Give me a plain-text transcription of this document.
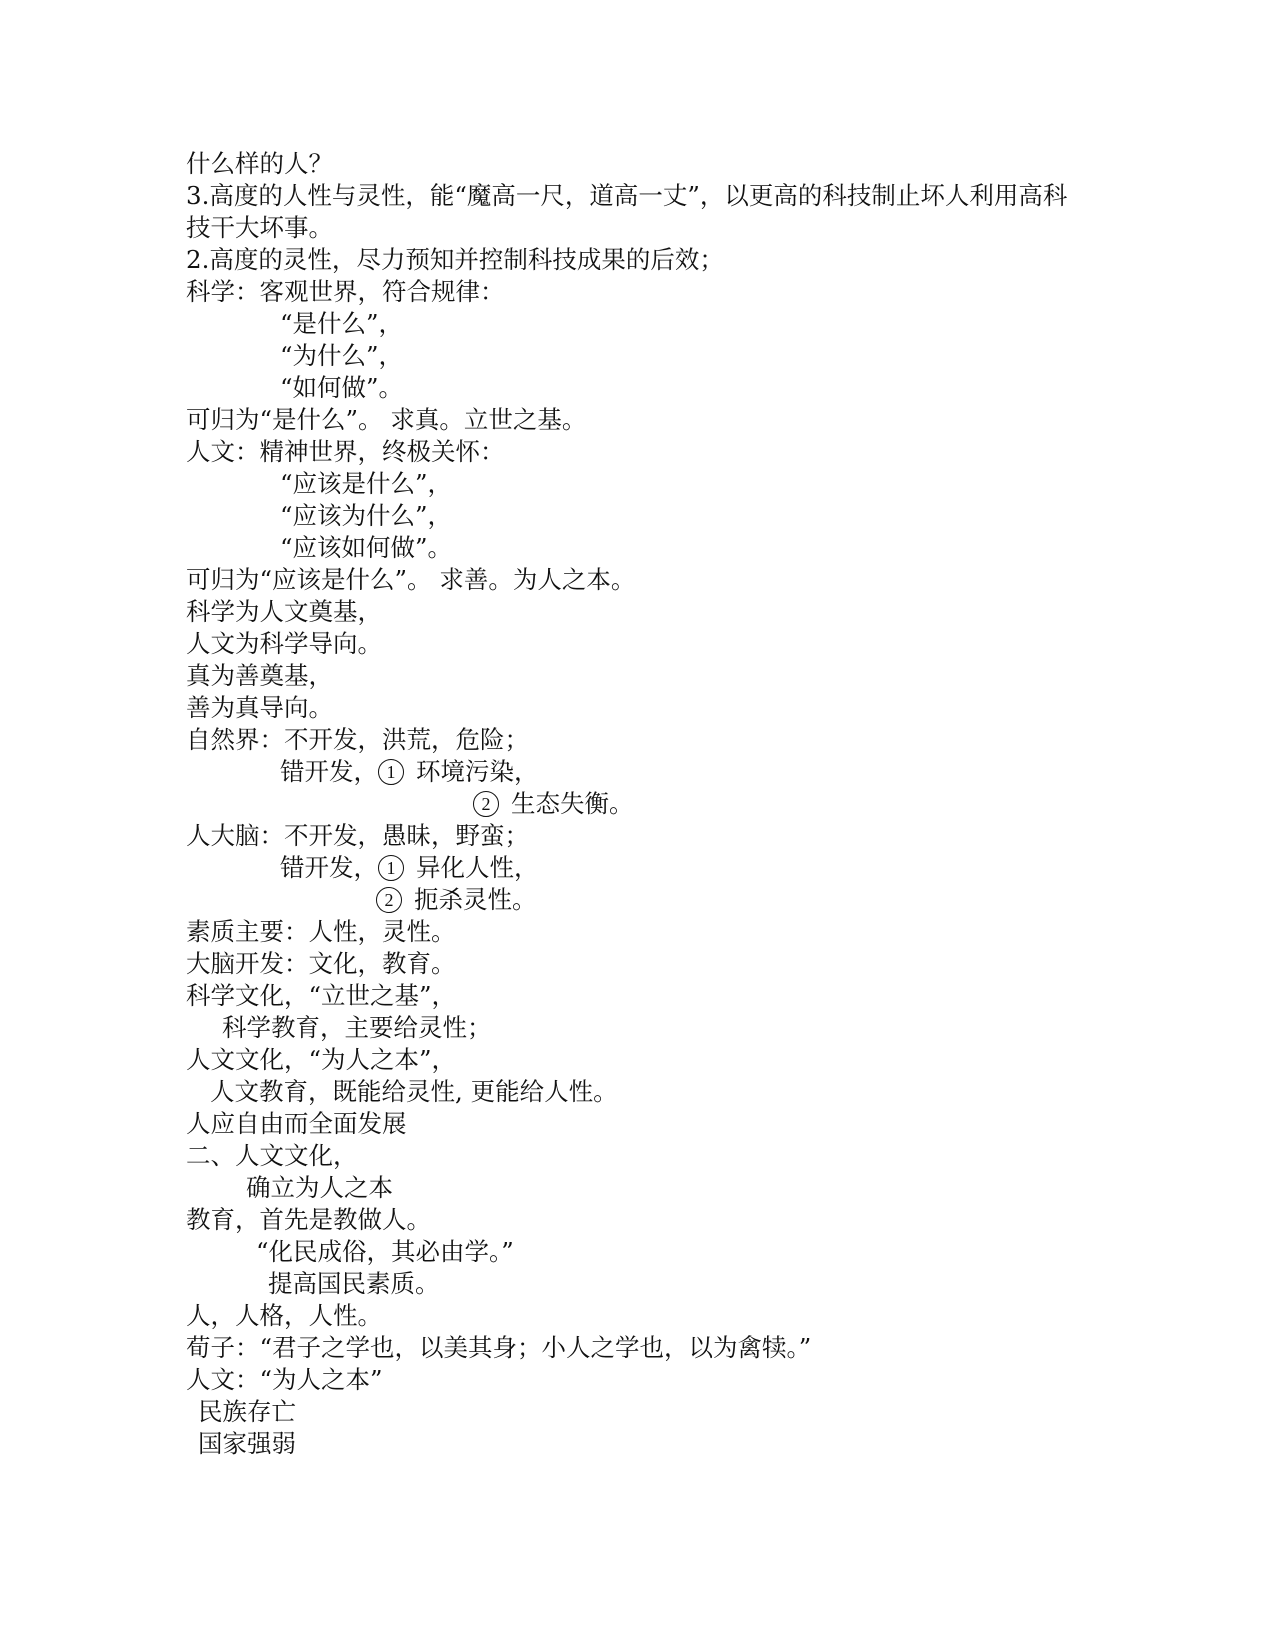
什么样的人？
3.高度的人性与灵性，能“魔高一尺，道高一丈”，以更高的科技制止坏人利用高科技干大坏事。
2.高度的灵性，尽力预知并控制科技成果的后效；
科学：客观世界，符合规律：
“是什么”，
“为什么”，
“如何做”。
可归为“是什么”。 求真。立世之基。
人文：精神世界，终极关怀：
“应该是什么”，
“应该为什么”，
“应该如何做”。
可归为“应该是什么”。 求善。为人之本。
科学为人文奠基，
人文为科学导向。
真为善奠基，
善为真导向。
自然界：不开发，洪荒，危险；
错开发， 1 环境污染，
2 生态失衡。
人大脑：不开发，愚昧，野蛮；
错开发， 1 异化人性，
2 扼杀灵性。
素质主要：人性，灵性。
大脑开发：文化，教育。
科学文化，“立世之基”，
科学教育，主要给灵性；
人文文化，“为人之本”，
人文教育，既能给灵性, 更能给人性。
人应自由而全面发展
二、人文文化，
确立为人之本
教育，首先是教做人。
“化民成俗，其必由学。”
提高国民素质。
人，人格，人性。
荀子：“君子之学也，以美其身；小人之学也，以为禽犊。”
人文：“为人之本”
民族存亡
国家强弱
